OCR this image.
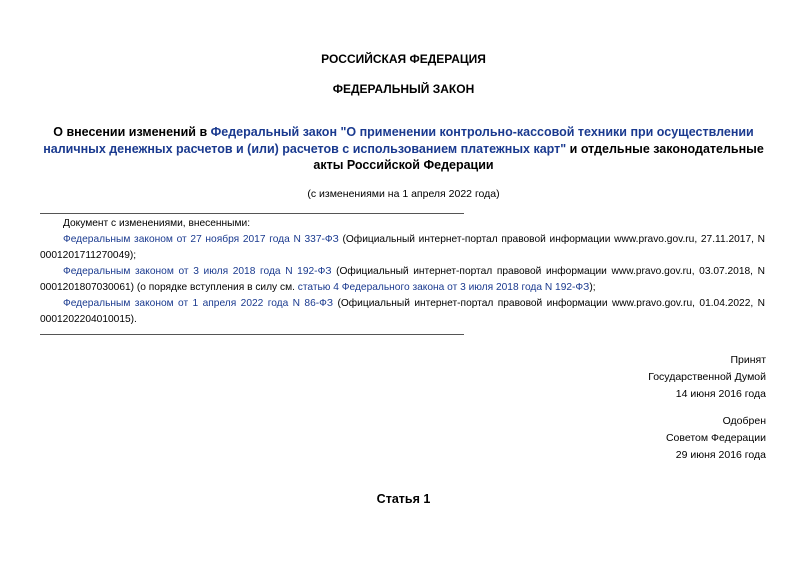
РОССИЙСКАЯ ФЕДЕРАЦИЯ
ФЕДЕРАЛЬНЫЙ ЗАКОН
О внесении изменений в Федеральный закон "О применении контрольно-кассовой техники при осуществлении наличных денежных расчетов и (или) расчетов с использованием платежных карт" и отдельные законодательные акты Российской Федерации
(с изменениями на 1 апреля 2022 года)

Документ с изменениями, внесенными:

Федеральным законом от 27 ноября 2017 года N 337-ФЗ (Официальный интернет-портал правовой информации www.pravo.gov.ru, 27.11.2017, N 0001201711270049);

Федеральным законом от 3 июля 2018 года N 192-ФЗ (Официальный интернет-портал правовой информации www.pravo.gov.ru, 03.07.2018, N 0001201807030061) (о порядке вступления в силу см. статью 4 Федерального закона от 3 июля 2018 года N 192-ФЗ);

Федеральным законом от 1 апреля 2022 года N 86-ФЗ (Официальный интернет-портал правовой информации www.pravo.gov.ru, 01.04.2022, N 0001202204010015).

Принят
Государственной Думой
14 июня 2016 года
Одобрен
Советом Федерации
29 июня 2016 года
Статья 1
